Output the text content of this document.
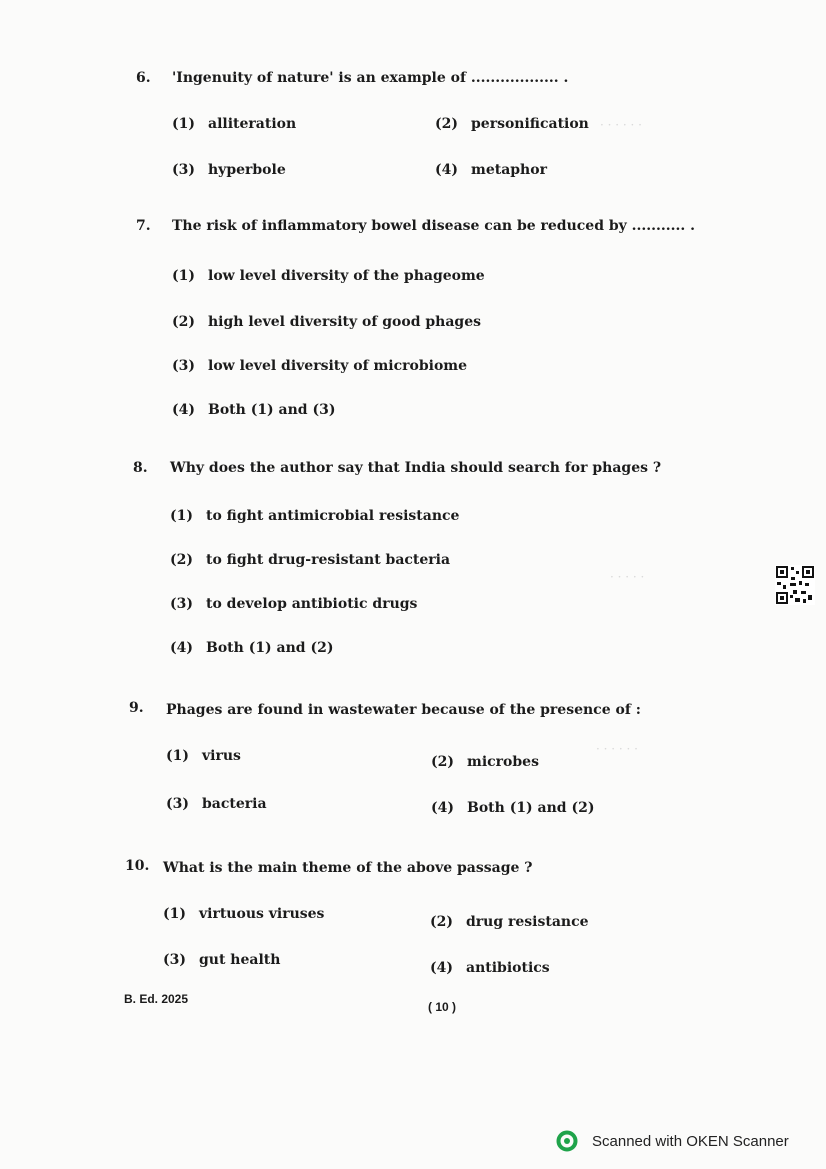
· · · · · ·
· · · · ·
· · · · · ·
6. 'Ingenuity of nature' is an example of .................. .
(1) alliteration	(2) personification
(3) hyperbole	(4) metaphor
7. The risk of inflammatory bowel disease can be reduced by ........... .
(1) low level diversity of the phageome
(2) high level diversity of good phages
(3) low level diversity of microbiome
(4) Both (1) and (3)
8. Why does the author say that India should search for phages ?
(1) to fight antimicrobial resistance
(2) to fight drug-resistant bacteria
(3) to develop antibiotic drugs
(4) Both (1) and (2)
9. Phages are found in wastewater because of the presence of :
(1) virus	(2) microbes
(3) bacteria	(4) Both (1) and (2)
10. What is the main theme of the above passage ?
(1) virtuous viruses	(2) drug resistance
(3) gut health	(4) antibiotics
B. Ed. 2025
( 10 )
Scanned with OKEN Scanner
